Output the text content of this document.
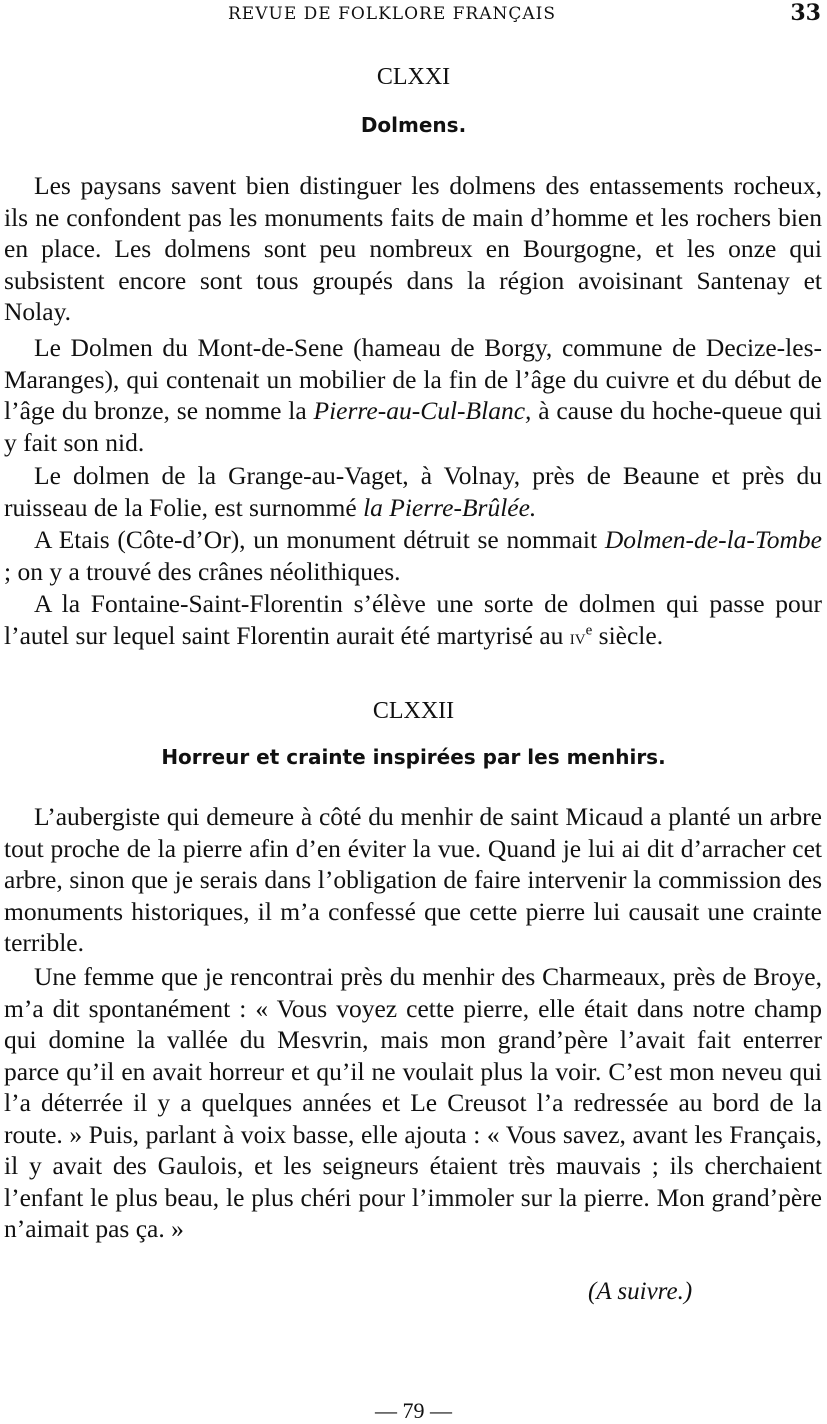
REVUE DE FOLKLORE FRANÇAIS	33
CLXXI
Dolmens.

Les paysans savent bien distinguer les dolmens des entassements rocheux, ils ne confondent pas les monuments faits de main d’homme et les rochers bien en place. Les dolmens sont peu nombreux en Bourgogne, et les onze qui subsistent encore sont tous groupés dans la région avoisinant Santenay et Nolay.

Le Dolmen du Mont-de-Sene (hameau de Borgy, commune de Decize-les-Maranges), qui contenait un mobilier de la fin de l’âge du cuivre et du début de l’âge du bronze, se nomme la Pierre-au-Cul-Blanc, à cause du hoche-queue qui y fait son nid.

Le dolmen de la Grange-au-Vaget, à Volnay, près de Beaune et près du ruisseau de la Folie, est surnommé la Pierre-Brûlée.

A Etais (Côte-d’Or), un monument détruit se nommait Dolmen-de-la-Tombe ; on y a trouvé des crânes néolithiques.

A la Fontaine-Saint-Florentin s’élève une sorte de dolmen qui passe pour l’autel sur lequel saint Florentin aurait été martyrisé au $iv^e$ siècle.

CLXXII
Horreur et crainte inspirées par les menhirs.

L’aubergiste qui demeure à côté du menhir de saint Micaud a planté un arbre tout proche de la pierre afin d’en éviter la vue. Quand je lui ai dit d’arracher cet arbre, sinon que je serais dans l’obligation de faire intervenir la commission des monuments historiques, il m’a confessé que cette pierre lui causait une crainte terrible.

Une femme que je rencontrai près du menhir des Charmeaux, près de Broye, m’a dit spontanément : « Vous voyez cette pierre, elle était dans notre champ qui domine la vallée du Mesvrin, mais mon grand’père l’avait fait enterrer parce qu’il en avait horreur et qu’il ne voulait plus la voir. C’est mon neveu qui l’a déterrée il y a quelques années et Le Creusot l’a redressée au bord de la route. » Puis, parlant à voix basse, elle ajouta : « Vous savez, avant les Français, il y avait des Gaulois, et les seigneurs étaient très mauvais ; ils cherchaient l’enfant le plus beau, le plus chéri pour l’immoler sur la pierre. Mon grand’père n’aimait pas ça. »

(A suivre.)
— 79 —
